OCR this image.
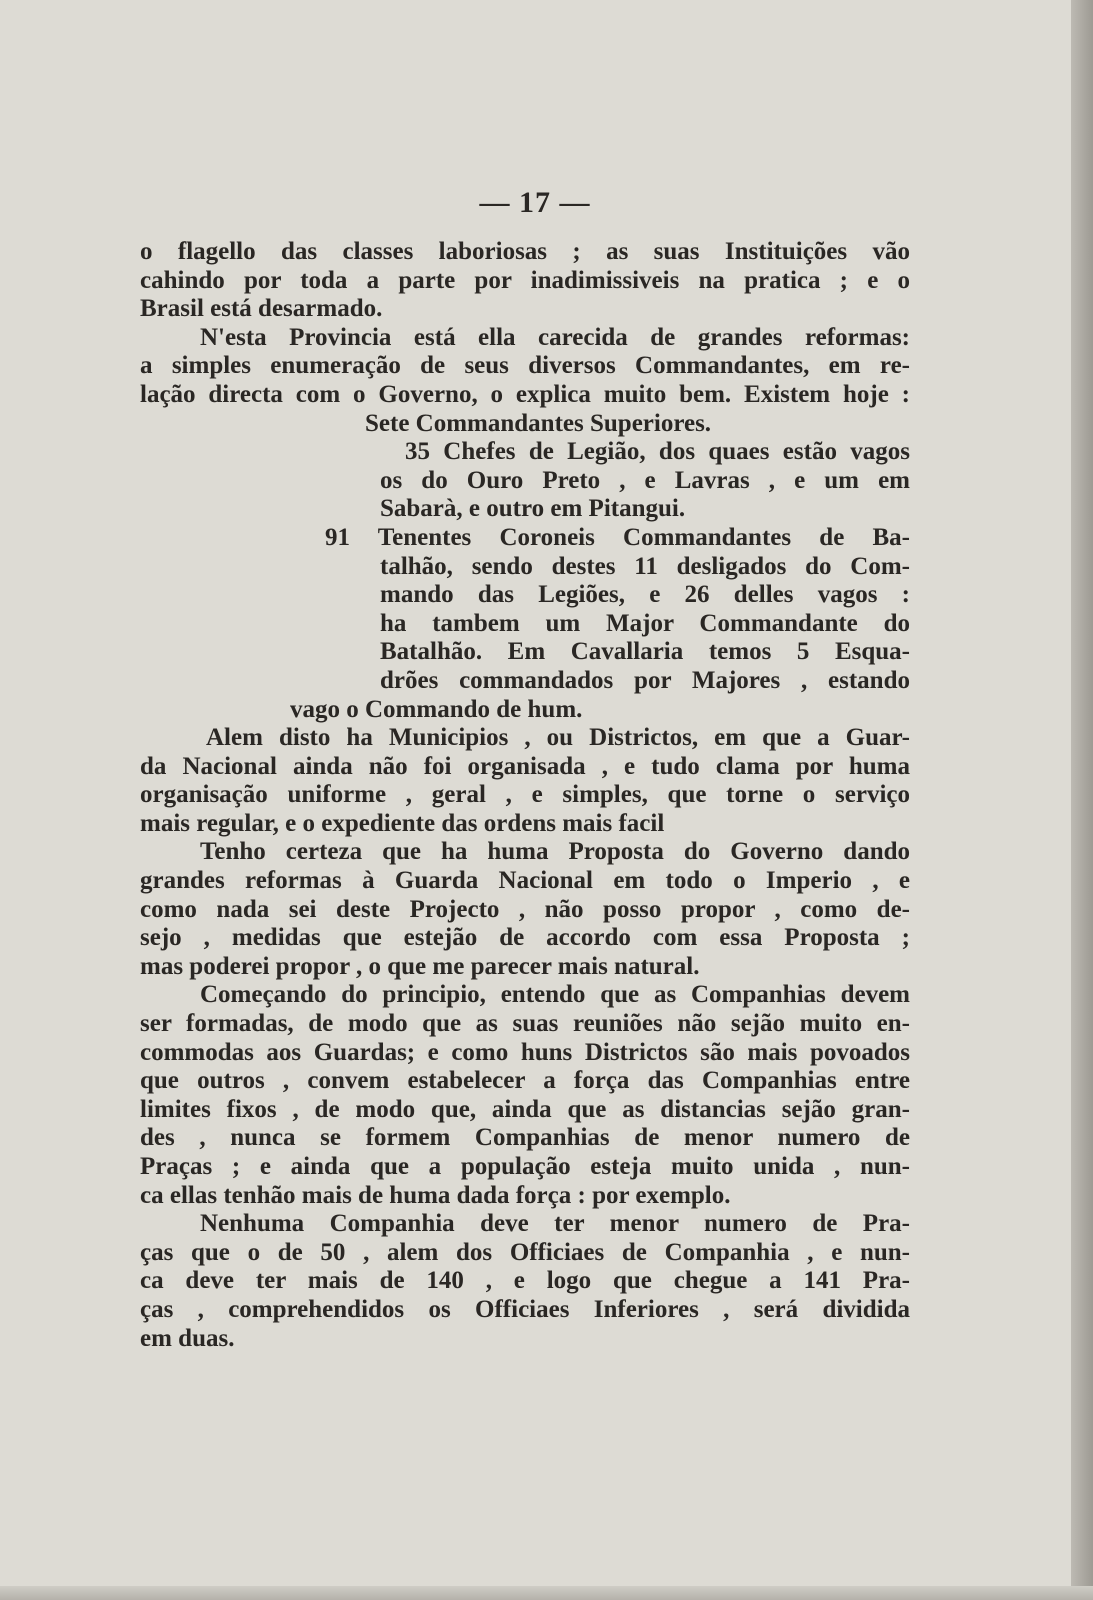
— 17 —
o flagello das classes laboriosas ; as suas Instituições vão
cahindo por toda a parte por inadimissiveis na pratica ; e o
Brasil está desarmado.
N'esta Provincia está ella carecida de grandes reformas:
a simples enumeração de seus diversos Commandantes, em re-
lação directa com o Governo, o explica muito bem. Existem hoje :
Sete Commandantes Superiores.
35 Chefes de Legião, dos quaes estão vagos
os do Ouro Preto , e Lavras , e um em
Sabarà, e outro em Pitangui.
91 Tenentes Coroneis Commandantes de Ba-
talhão, sendo destes 11 desligados do Com-
mando das Legiões, e 26 delles vagos :
ha tambem um Major Commandante do
Batalhão. Em Cavallaria temos 5 Esqua-
drões commandados por Majores , estando
vago o Commando de hum.
Alem disto ha Municipios , ou Districtos, em que a Guar-
da Nacional ainda não foi organisada , e tudo clama por huma
organisação uniforme , geral , e simples, que torne o serviço
mais regular, e o expediente das ordens mais facil
Tenho certeza que ha huma Proposta do Governo dando
grandes reformas à Guarda Nacional em todo o Imperio , e
como nada sei deste Projecto , não posso propor , como de-
sejo , medidas que estejão de accordo com essa Proposta ;
mas poderei propor , o que me parecer mais natural.
Começando do principio, entendo que as Companhias devem
ser formadas, de modo que as suas reuniões não sejão muito en-
commodas aos Guardas; e como huns Districtos são mais povoados
que outros , convem estabelecer a força das Companhias entre
limites fixos , de modo que, ainda que as distancias sejão gran-
des , nunca se formem Companhias de menor numero de
Praças ; e ainda que a população esteja muito unida , nun-
ca ellas tenhão mais de huma dada força : por exemplo.
Nenhuma Companhia deve ter menor numero de Pra-
ças que o de 50 , alem dos Officiaes de Companhia , e nun-
ca deve ter mais de 140 , e logo que chegue a 141 Pra-
ças , comprehendidos os Officiaes Inferiores , será dividida
em duas.
